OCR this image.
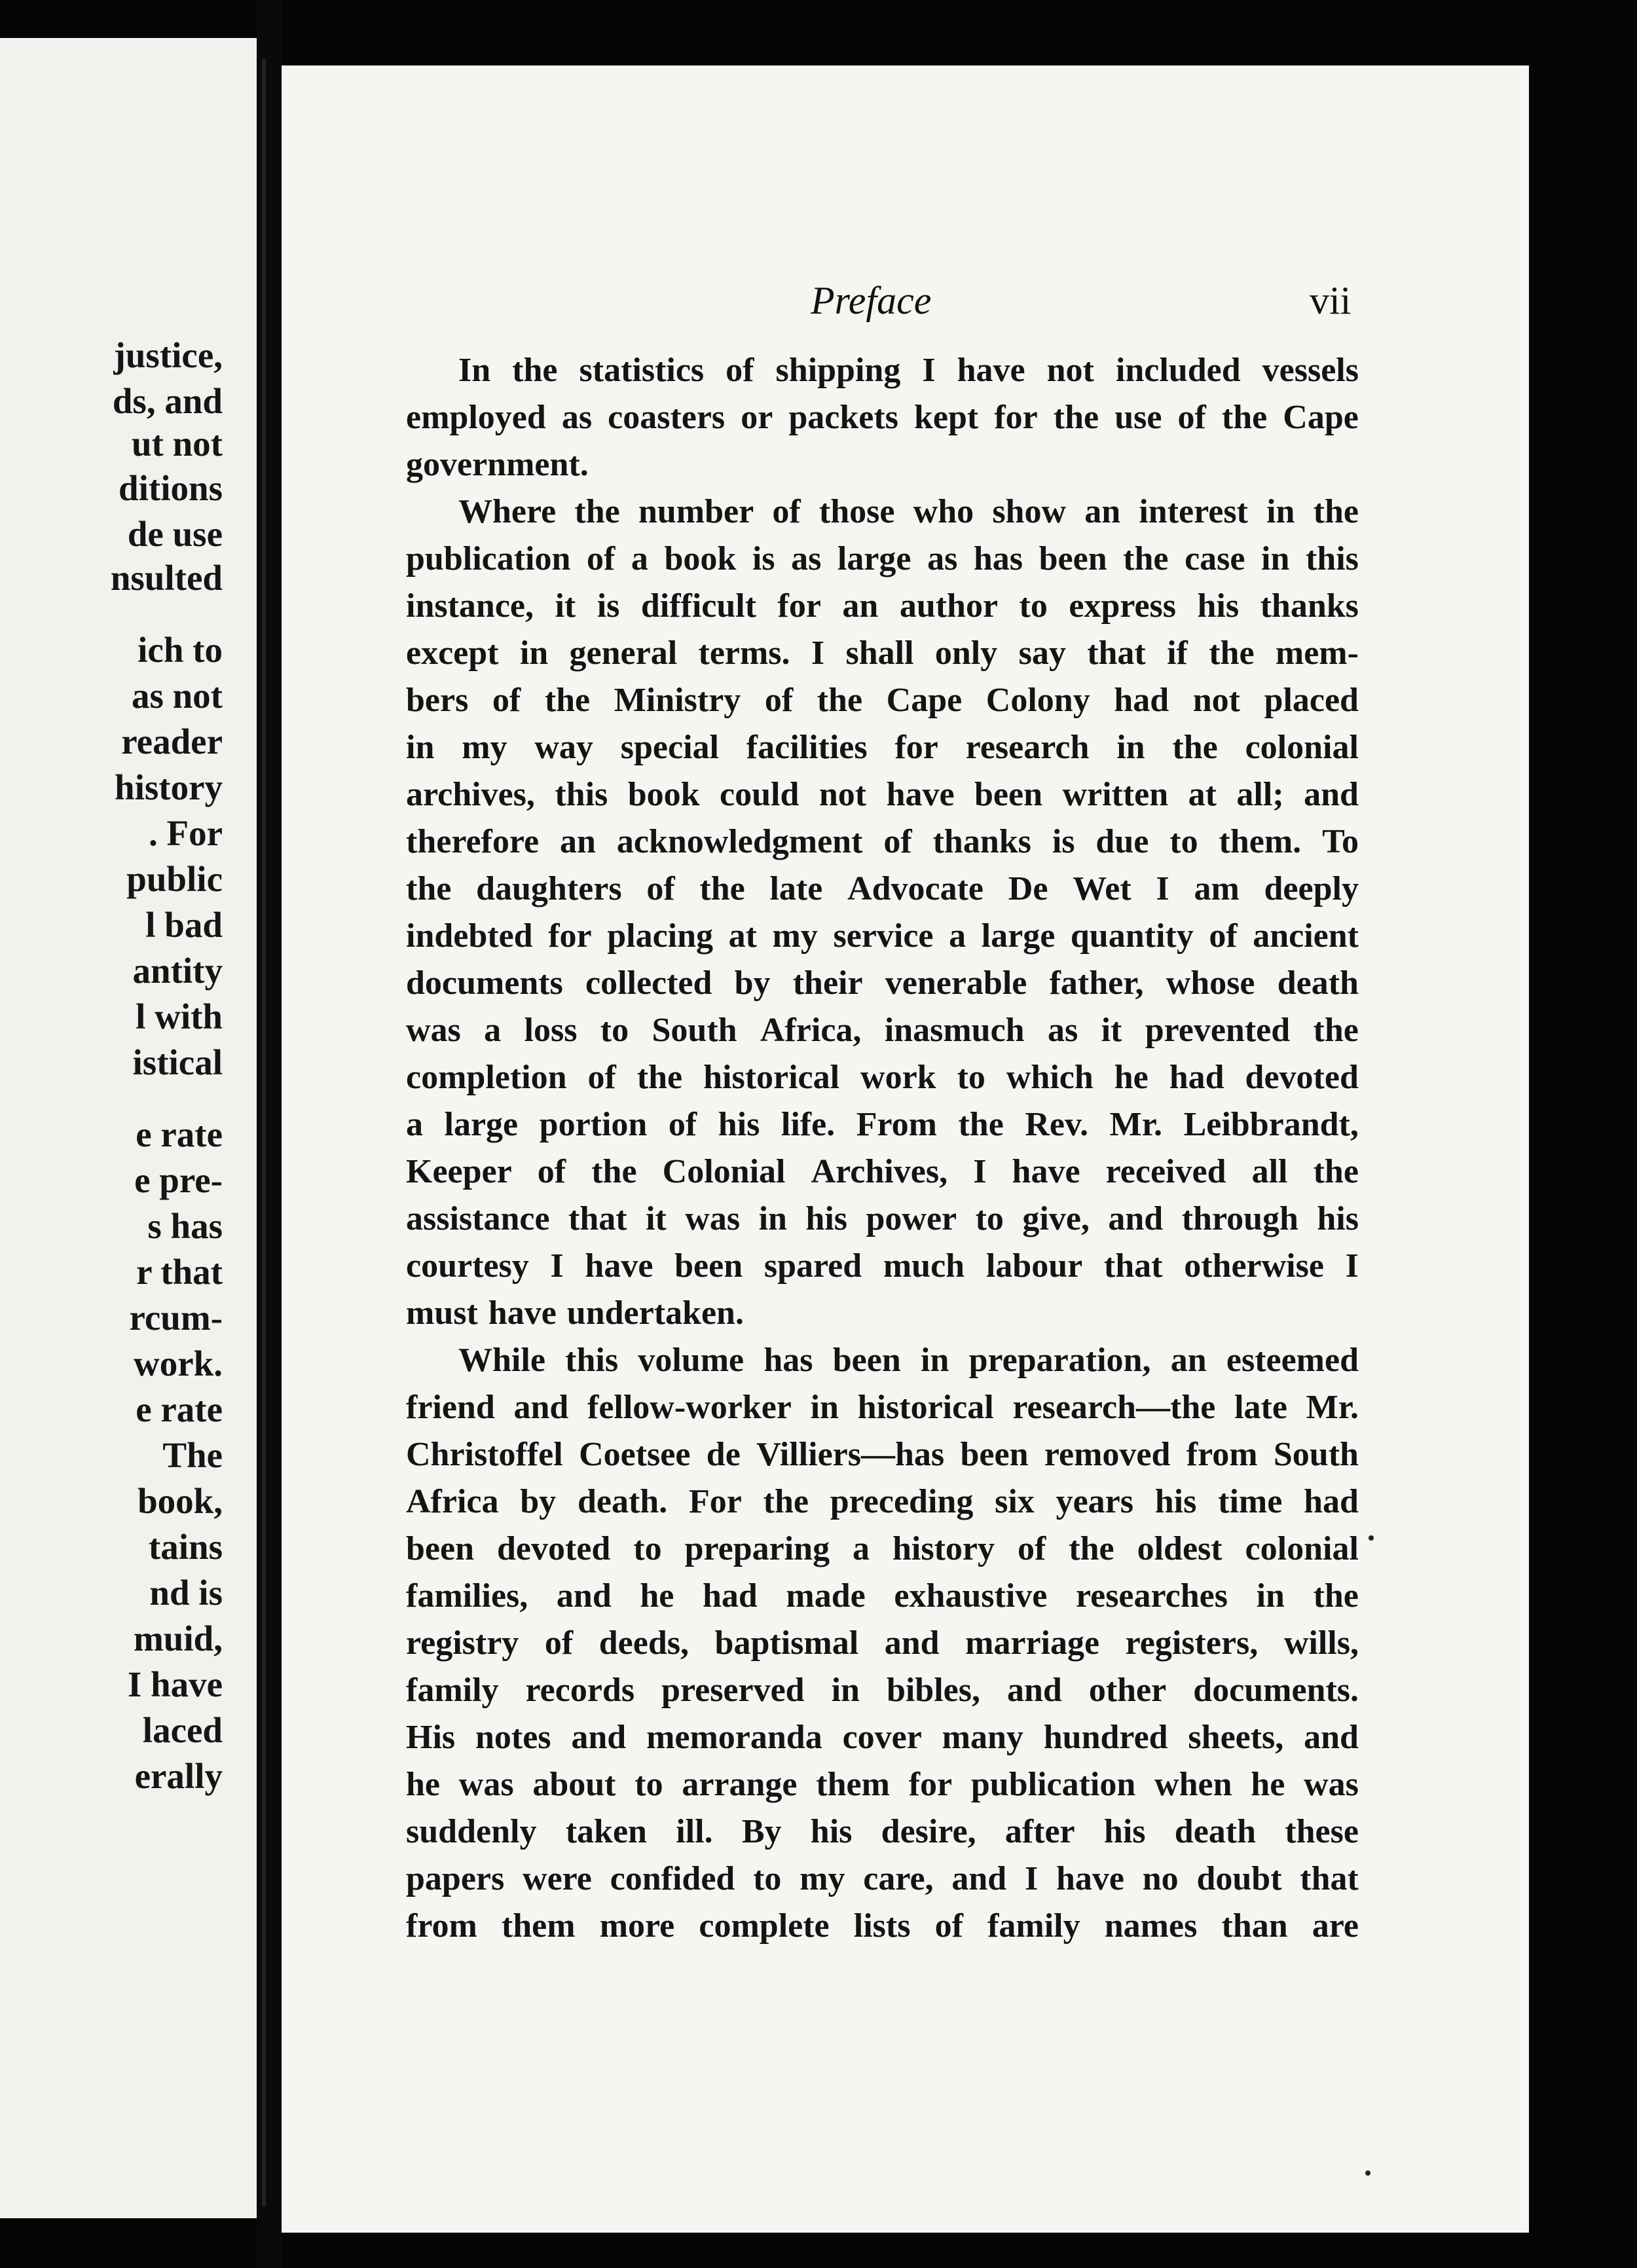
justice,
ds, and
ut not
ditions
de use
nsulted
ich to
as not
reader
history
. For
public
l bad
antity
l with
istical
e rate
e pre-
s has
r that
rcum-
work.
e rate
The
book,
tains
nd is
muid,
I have
laced
erally
Preface	vii
In the statistics of shipping I have not included vessels
employed as coasters or packets kept for the use of the Cape
government.
Where the number of those who show an interest in the
publication of a book is as large as has been the case in this
instance, it is difficult for an author to express his thanks
except in general terms. I shall only say that if the mem-
bers of the Ministry of the Cape Colony had not placed
in my way special facilities for research in the colonial
archives, this book could not have been written at all; and
therefore an acknowledgment of thanks is due to them. To
the daughters of the late Advocate De Wet I am deeply
indebted for placing at my service a large quantity of ancient
documents collected by their venerable father, whose death
was a loss to South Africa, inasmuch as it prevented the
completion of the historical work to which he had devoted
a large portion of his life. From the Rev. Mr. Leibbrandt,
Keeper of the Colonial Archives, I have received all the
assistance that it was in his power to give, and through his
courtesy I have been spared much labour that otherwise I
must have undertaken.
While this volume has been in preparation, an esteemed
friend and fellow-worker in historical research—the late Mr.
Christoffel Coetsee de Villiers—has been removed from South
Africa by death. For the preceding six years his time had
been devoted to preparing a history of the oldest colonial
families, and he had made exhaustive researches in the
registry of deeds, baptismal and marriage registers, wills,
family records preserved in bibles, and other documents.
His notes and memoranda cover many hundred sheets, and
he was about to arrange them for publication when he was
suddenly taken ill. By his desire, after his death these
papers were confided to my care, and I have no doubt that
from them more complete lists of family names than are
